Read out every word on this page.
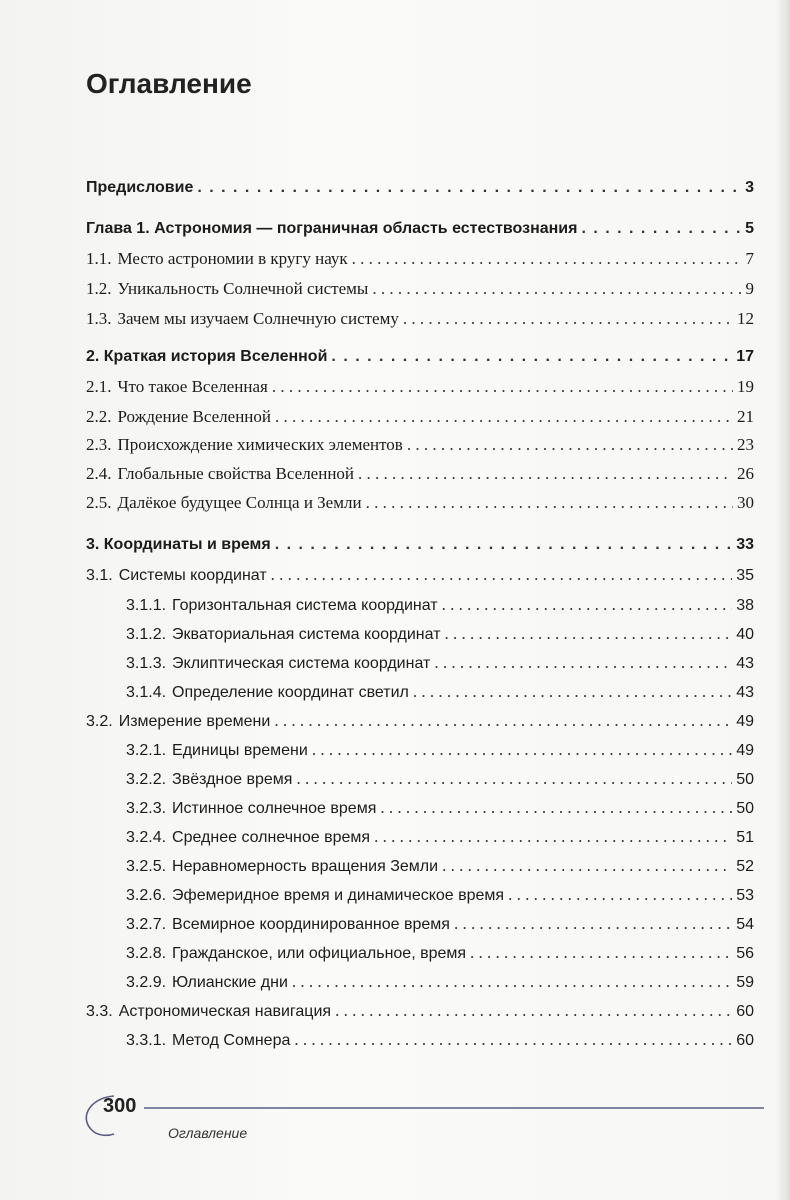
Оглавление
Предисловие . . .	3
Глава 1. Астрономия — пограничная область естествознания . . .	5
1.1. Место астрономии в кругу наук . . .	7
1.2. Уникальность Солнечной системы . . .	9
1.3. Зачем мы изучаем Солнечную систему . . .	12
2. Краткая история Вселенной . . .	17
2.1. Что такое Вселенная . . .	19
2.2. Рождение Вселенной . . .	21
2.3. Происхождение химических элементов . . .	23
2.4. Глобальные свойства Вселенной . . .	26
2.5. Далёкое будущее Солнца и Земли . . .	30
3. Координаты и время . . .	33
3.1. Системы координат . . .	35
3.1.1. Горизонтальная система координат . . .	38
3.1.2. Экваториальная система координат . . .	40
3.1.3. Эклиптическая система координат . . .	43
3.1.4. Определение координат светил . . .	43
3.2. Измерение времени . . .	49
3.2.1. Единицы времени . . .	49
3.2.2. Звёздное время . . .	50
3.2.3. Истинное солнечное время . . .	50
3.2.4. Среднее солнечное время . . .	51
3.2.5. Неравномерность вращения Земли . . .	52
3.2.6. Эфемеридное время и динамическое время . . .	53
3.2.7. Всемирное координированное время . . .	54
3.2.8. Гражданское, или официальное, время . . .	56
3.2.9. Юлианские дни . . .	59
3.3. Астрономическая навигация . . .	60
3.3.1. Метод Сомнера . . .	60
300
Оглавление
